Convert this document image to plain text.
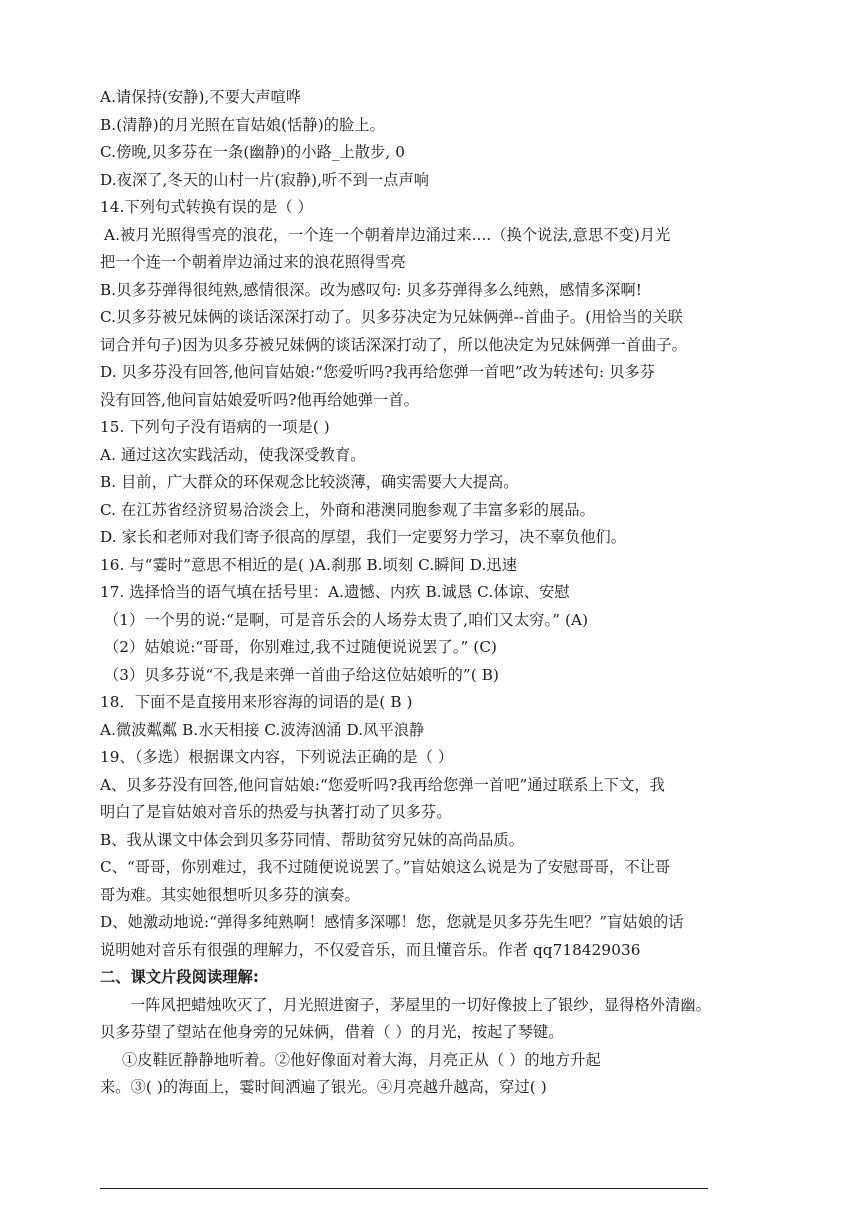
A.请保持(安静),不要大声喧哗
B.(清静)的月光照在盲姑娘(恬静)的脸上。
C.傍晚,贝多芬在一条(幽静)的小路_上散步, 0
D.夜深了,冬天的山村一片(寂静),听不到一点声响
14.下列句式转换有误的是（ ）
A.被月光照得雪亮的浪花，一个连一个朝着岸边涌过来....（换个说法,意思不变)月光
把一个连一个朝着岸边涌过来的浪花照得雪亮
B.贝多芬弹得很纯熟,感情很深。改为感叹句: 贝多芬弹得多么纯熟，感情多深啊!
C.贝多芬被兄妹俩的谈话深深打动了。贝多芬决定为兄妹俩弹--首曲子。(用恰当的关联
词合并句子)因为贝多芬被兄妹俩的谈话深深打动了，所以他决定为兄妹俩弹一首曲子。
D. 贝多芬没有回答,他问盲姑娘:“您爱听吗?我再给您弹一首吧”改为转述句: 贝多芬
没有回答,他问盲姑娘爱听吗?他再给她弹一首。
15. 下列句子没有语病的一项是( )
A. 通过这次实践活动，使我深受教育。
B. 目前，广大群众的环保观念比较淡薄，确实需要大大提高。
C. 在江苏省经济贸易洽淡会上，外商和港澳同胞参观了丰富多彩的展品。
D. 家长和老师对我们寄予很高的厚望，我们一定要努力学习，决不辜负他们。
16. 与“霎时”意思不相近的是( )A.刹那 B.顷刻 C.瞬间 D.迅速
17. 选择恰当的语气填在括号里：A.遗憾、内疚 B.诚恳 C.体谅、安慰
（1）一个男的说:“是啊，可是音乐会的人场券太贵了,咱们又太穷。” (A)
（2）姑娘说:“哥哥，你别难过,我不过随便说说罢了。” (C)
（3）贝多芬说“不,我是来弹一首曲子给这位姑娘听的”( B)
18．下面不是直接用来形容海的词语的是( B )
A.微波粼粼 B.水天相接 C.波涛汹涌 D.风平浪静
19、（多选）根据课文内容，下列说法正确的是（ ）
A、贝多芬没有回答,他问盲姑娘:“您爱听吗?我再给您弹一首吧”通过联系上下文，我
明白了是盲姑娘对音乐的热爱与执著打动了贝多芬。
B、我从课文中体会到贝多芬同情、帮助贫穷兄妹的高尚品质。
C、“哥哥，你别难过，我不过随便说说罢了。”盲姑娘这么说是为了安慰哥哥，不让哥
哥为难。其实她很想听贝多芬的演奏。
D、她激动地说:“弹得多纯熟啊！感情多深哪！您，您就是贝多芬先生吧？”盲姑娘的话
说明她对音乐有很强的理解力，不仅爱音乐，而且懂音乐。作者 qq718429036
二、课文片段阅读理解:
一阵风把蜡烛吹灭了，月光照进窗子，茅屋里的一切好像披上了银纱，显得格外清幽。
贝多芬望了望站在他身旁的兄妹俩，借着（ ）的月光，按起了琴键。
①皮鞋匠静静地听着。②他好像面对着大海，月亮正从（ ）的地方升起
来。③( )的海面上，霎时间洒遍了银光。④月亮越升越高，穿过( )
